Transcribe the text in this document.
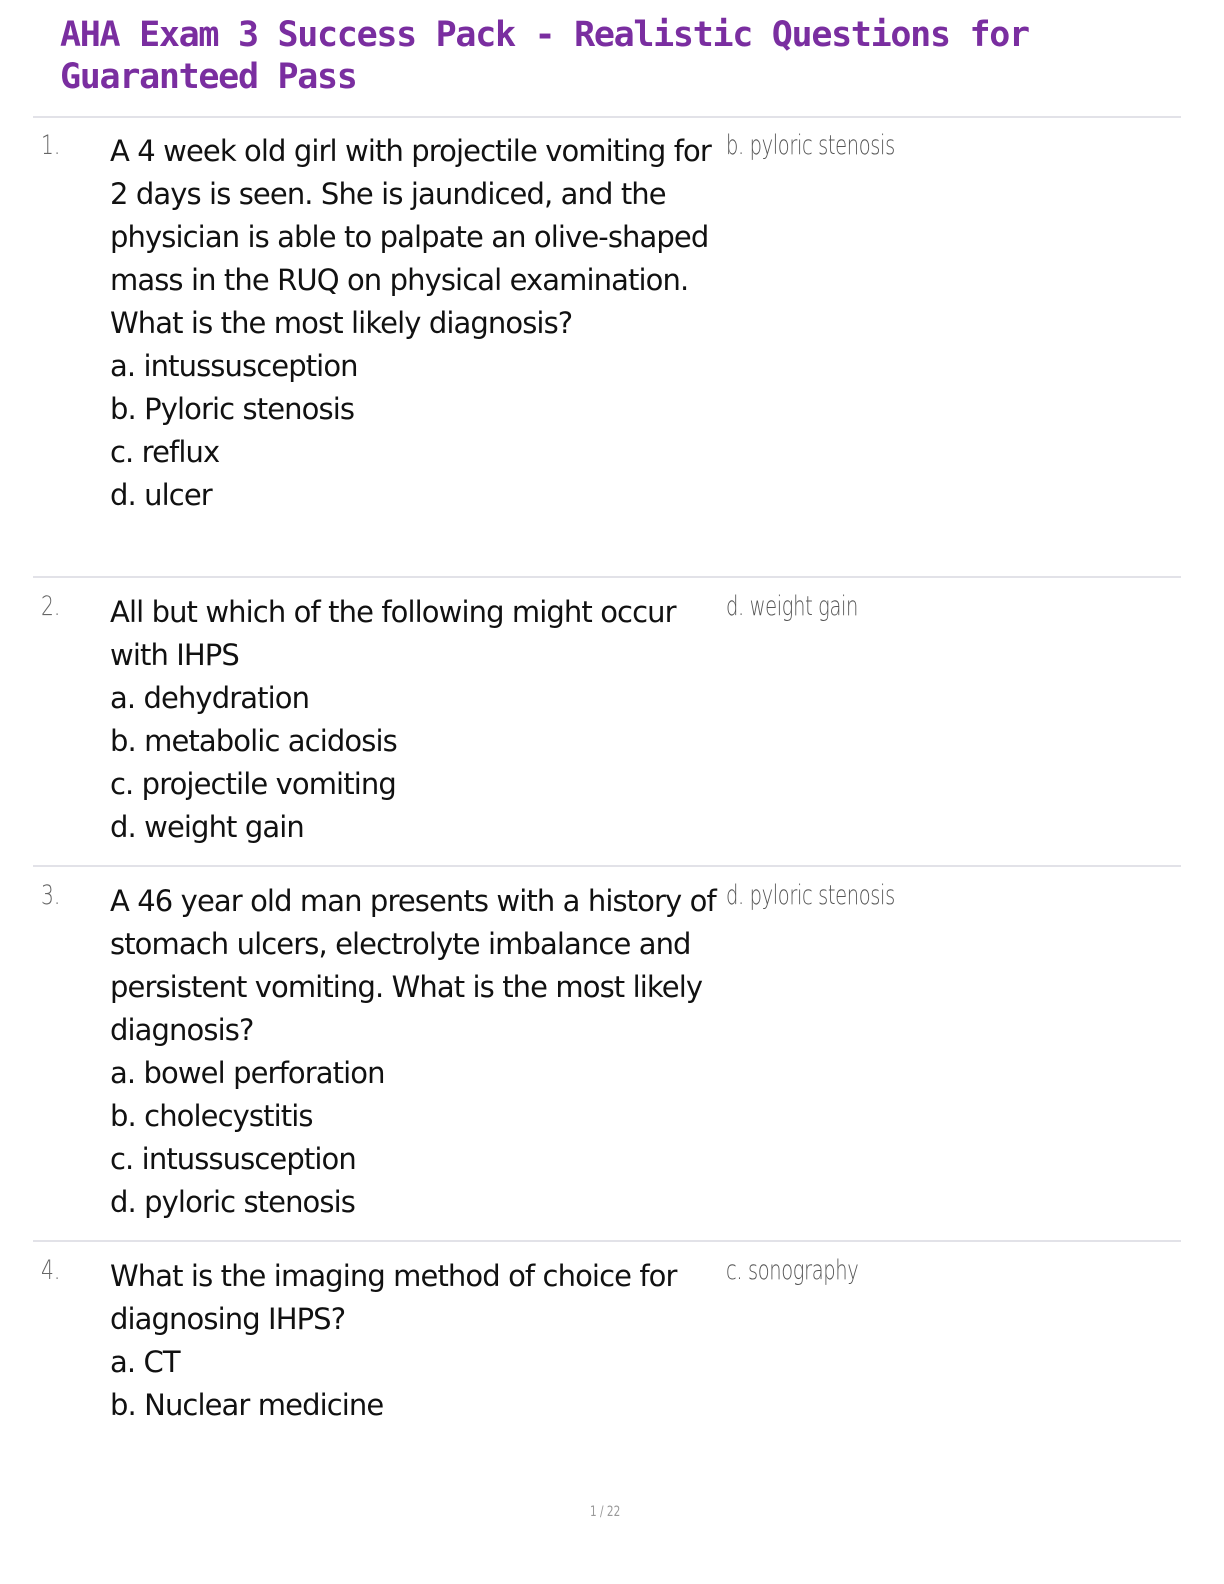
AHA Exam 3 Success Pack - Realistic Questions for Guaranteed Pass
1. A 4 week old girl with projectile vomiting for 2 days is seen. She is jaundiced, and the physician is able to palpate an olive-shaped mass in the RUQ on physical examination. What is the most likely diagnosis?
a. intussusception
b. Pyloric stenosis
c. reflux
d. ulcer
b. pyloric stenosis
2. All but which of the following might occur with IHPS
a. dehydration
b. metabolic acidosis
c. projectile vomiting
d. weight gain
d. weight gain
3. A 46 year old man presents with a history of stomach ulcers, electrolyte imbalance and persistent vomiting. What is the most likely diagnosis?
a. bowel perforation
b. cholecystitis
c. intussusception
d. pyloric stenosis
d. pyloric stenosis
4. What is the imaging method of choice for diagnosing IHPS?
a. CT
b. Nuclear medicine
c. sonography
1 / 22
